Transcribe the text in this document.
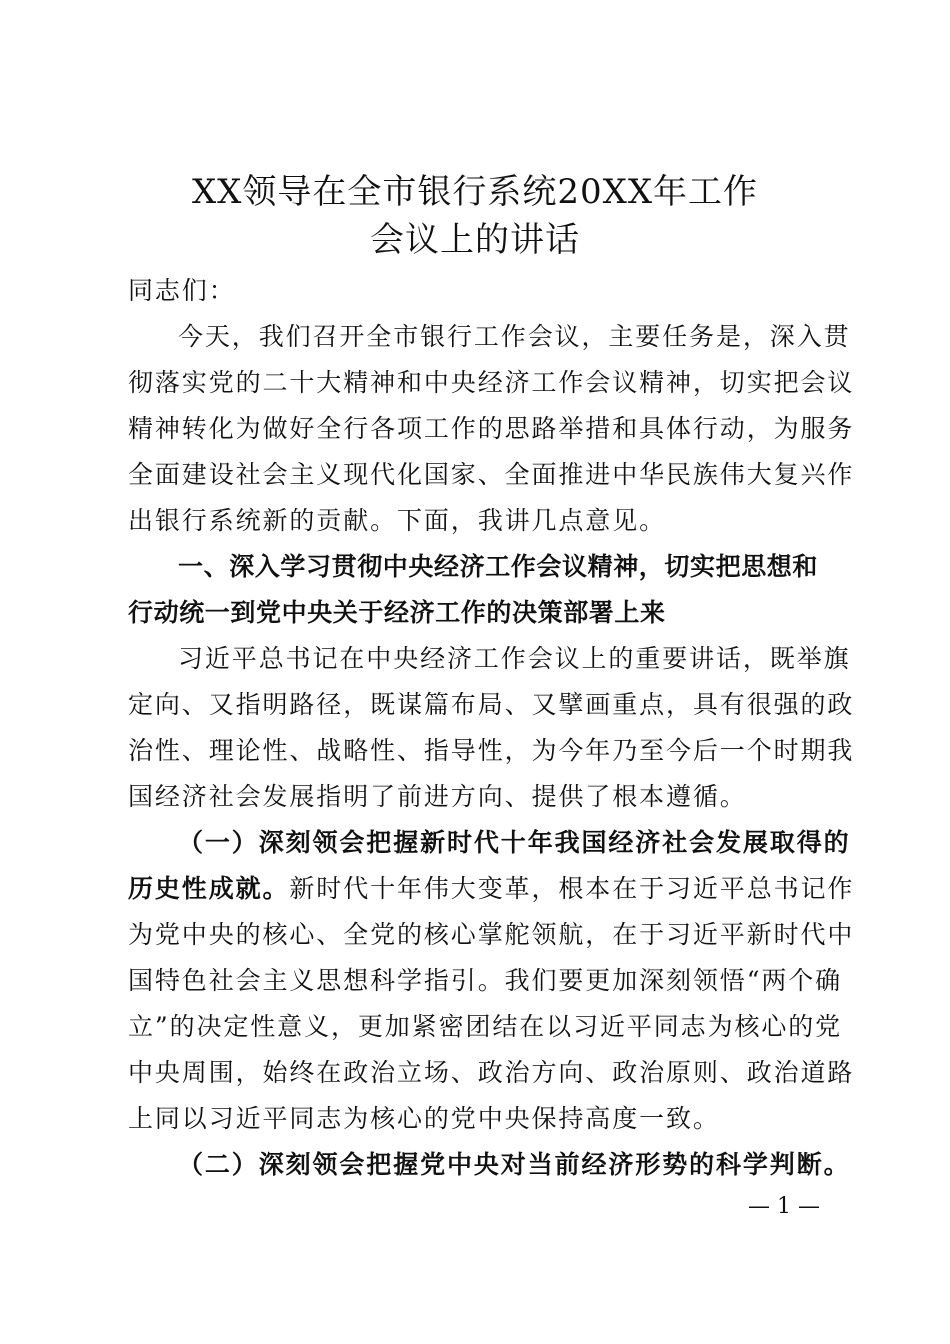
XX领导在全市银行系统20XX年工作
会议上的讲话
同志们：
今天，我们召开全市银行工作会议，主要任务是，深入贯
彻落实党的二十大精神和中央经济工作会议精神，切实把会议
精神转化为做好全行各项工作的思路举措和具体行动，为服务
全面建设社会主义现代化国家、全面推进中华民族伟大复兴作
出银行系统新的贡献。下面，我讲几点意见。
一、深入学习贯彻中央经济工作会议精神，切实把思想和
行动统一到党中央关于经济工作的决策部署上来
习近平总书记在中央经济工作会议上的重要讲话，既举旗
定向、又指明路径，既谋篇布局、又擘画重点，具有很强的政
治性、理论性、战略性、指导性，为今年乃至今后一个时期我
国经济社会发展指明了前进方向、提供了根本遵循。
（一）深刻领会把握新时代十年我国经济社会发展取得的
历史性成就。新时代十年伟大变革，根本在于习近平总书记作
为党中央的核心、全党的核心掌舵领航，在于习近平新时代中
国特色社会主义思想科学指引。我们要更加深刻领悟“两个确
立”的决定性意义，更加紧密团结在以习近平同志为核心的党
中央周围，始终在政治立场、政治方向、政治原则、政治道路
上同以习近平同志为核心的党中央保持高度一致。
（二）深刻领会把握党中央对当前经济形势的科学判断。
— 1 —
